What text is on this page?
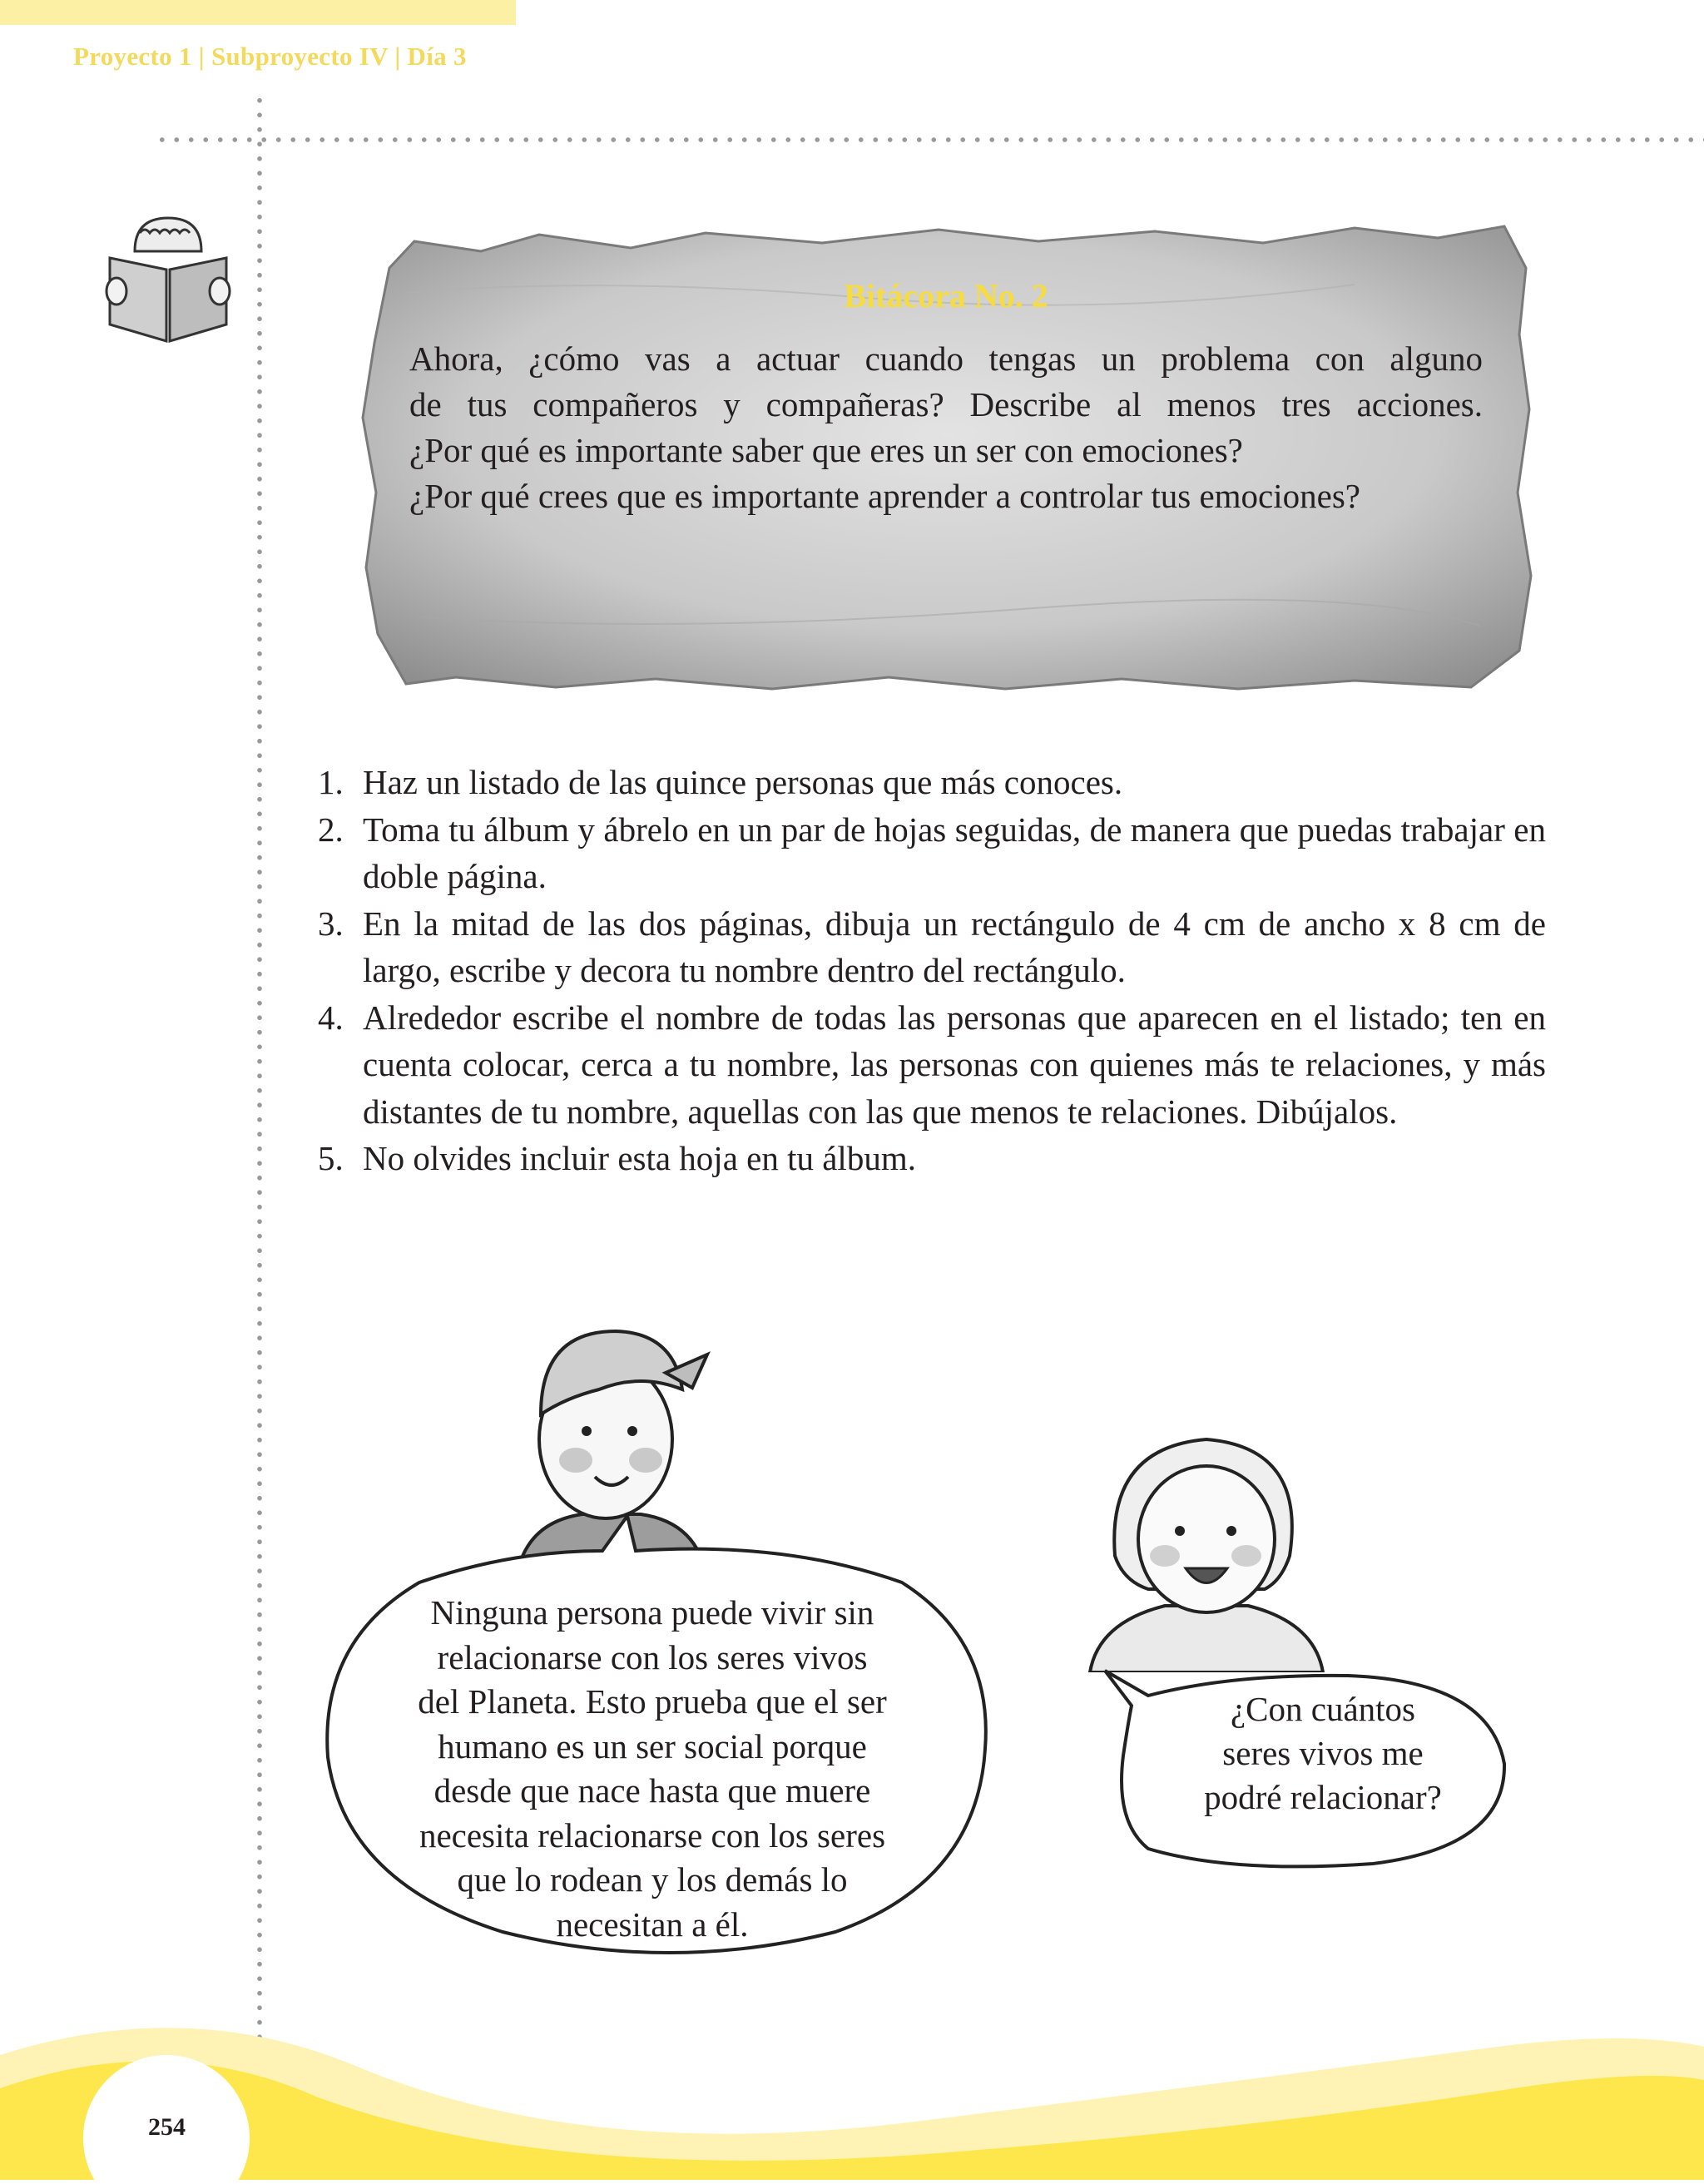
Proyecto 1 | Subproyecto IV | Día 3
Bitácora No. 2
Ahora, ¿cómo vas a actuar cuando tengas un problema con alguno
de tus compañeros y compañeras? Describe al menos tres acciones.
¿Por qué es importante saber que eres un ser con emociones?
¿Por qué crees que es importante aprender a controlar tus emociones?
1. Haz un listado de las quince personas que más conoces.
2. Toma tu álbum y ábrelo en un par de hojas seguidas, de manera que puedas trabajar en doble página.
3. En la mitad de las dos páginas, dibuja un rectángulo de 4 cm de ancho x 8 cm de largo, escribe y decora tu nombre dentro del rectángulo.
4. Alrededor escribe el nombre de todas las personas que aparecen en el listado; ten en cuenta colocar, cerca a tu nombre, las personas con quienes más te relaciones, y más distantes de tu nombre, aquellas con las que menos te relaciones. Dibújalos.
5. No olvides incluir esta hoja en tu álbum.
Ninguna persona puede vivir sin
relacionarse con los seres vivos
del Planeta. Esto prueba que el ser
humano es un ser social porque
desde que nace hasta que muere
necesita relacionarse con los seres
que lo rodean y los demás lo
necesitan a él.
¿Con cuántos
seres vivos me
podré relacionar?
254
